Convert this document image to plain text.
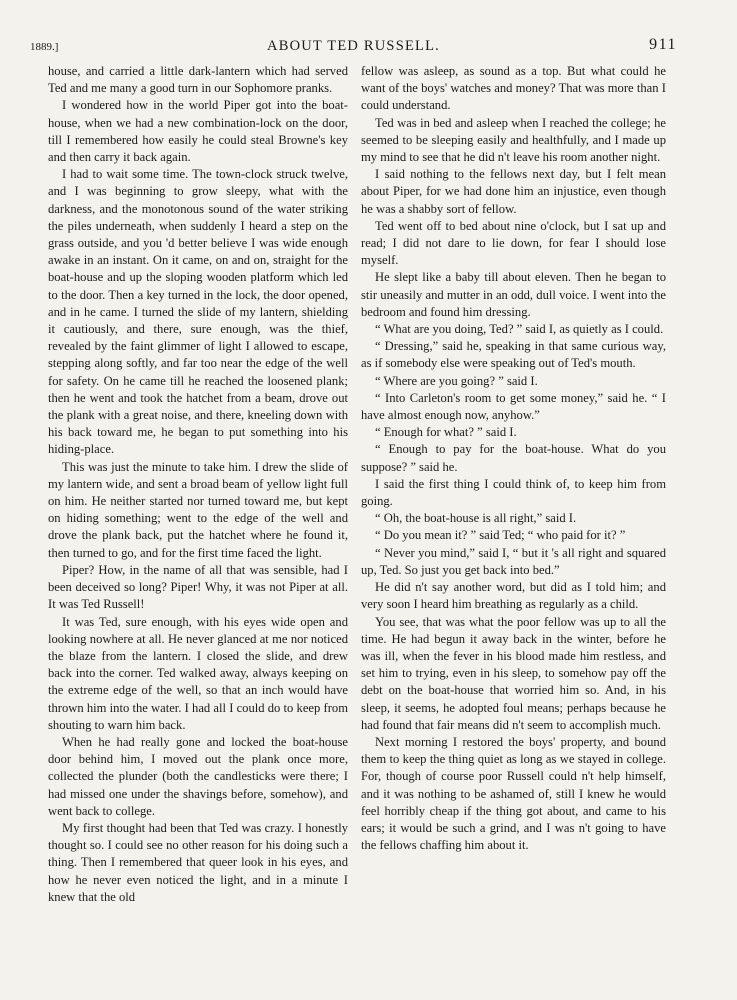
1889.]	ABOUT TED RUSSELL.	911

house, and carried a little dark-lantern which had served Ted and me many a good turn in our Sophomore pranks.

I wondered how in the world Piper got into the boat-house, when we had a new combination-lock on the door, till I remembered how easily he could steal Browne's key and then carry it back again.

I had to wait some time. The town-clock struck twelve, and I was beginning to grow sleepy, what with the darkness, and the monotonous sound of the water striking the piles underneath, when suddenly I heard a step on the grass outside, and you 'd better believe I was wide enough awake in an instant. On it came, on and on, straight for the boat-house and up the sloping wooden platform which led to the door. Then a key turned in the lock, the door opened, and in he came. I turned the slide of my lantern, shielding it cautiously, and there, sure enough, was the thief, revealed by the faint glimmer of light I allowed to escape, stepping along softly, and far too near the edge of the well for safety. On he came till he reached the loosened plank; then he went and took the hatchet from a beam, drove out the plank with a great noise, and there, kneeling down with his back toward me, he began to put something into his hiding-place.

This was just the minute to take him. I drew the slide of my lantern wide, and sent a broad beam of yellow light full on him. He neither started nor turned toward me, but kept on hiding something; went to the edge of the well and drove the plank back, put the hatchet where he found it, then turned to go, and for the first time faced the light.

Piper? How, in the name of all that was sensible, had I been deceived so long? Piper! Why, it was not Piper at all. It was Ted Russell!

It was Ted, sure enough, with his eyes wide open and looking nowhere at all. He never glanced at me nor noticed the blaze from the lantern. I closed the slide, and drew back into the corner. Ted walked away, always keeping on the extreme edge of the well, so that an inch would have thrown him into the water. I had all I could do to keep from shouting to warn him back.

When he had really gone and locked the boat-house door behind him, I moved out the plank once more, collected the plunder (both the candlesticks were there; I had missed one under the shavings before, somehow), and went back to college.

My first thought had been that Ted was crazy. I honestly thought so. I could see no other reason for his doing such a thing. Then I remembered that queer look in his eyes, and how he never even noticed the light, and in a minute I knew that the old

fellow was asleep, as sound as a top. But what could he want of the boys' watches and money? That was more than I could understand.

Ted was in bed and asleep when I reached the college; he seemed to be sleeping easily and healthfully, and I made up my mind to see that he did n't leave his room another night.

I said nothing to the fellows next day, but I felt mean about Piper, for we had done him an injustice, even though he was a shabby sort of fellow.

Ted went off to bed about nine o'clock, but I sat up and read; I did not dare to lie down, for fear I should lose myself.

He slept like a baby till about eleven. Then he began to stir uneasily and mutter in an odd, dull voice. I went into the bedroom and found him dressing.

“ What are you doing, Ted? ” said I, as quietly as I could.

“ Dressing,” said he, speaking in that same curious way, as if somebody else were speaking out of Ted's mouth.

“ Where are you going? ” said I.

“ Into Carleton's room to get some money,” said he. “ I have almost enough now, anyhow.”

“ Enough for what? ” said I.

“ Enough to pay for the boat-house. What do you suppose? ” said he.

I said the first thing I could think of, to keep him from going.

“ Oh, the boat-house is all right,” said I.

“ Do you mean it? ” said Ted; “ who paid for it? ”

“ Never you mind,” said I, “ but it 's all right and squared up, Ted. So just you get back into bed.”

He did n't say another word, but did as I told him; and very soon I heard him breathing as regularly as a child.

You see, that was what the poor fellow was up to all the time. He had begun it away back in the winter, before he was ill, when the fever in his blood made him restless, and set him to trying, even in his sleep, to somehow pay off the debt on the boat-house that worried him so. And, in his sleep, it seems, he adopted foul means; perhaps because he had found that fair means did n't seem to accomplish much.

Next morning I restored the boys' property, and bound them to keep the thing quiet as long as we stayed in college. For, though of course poor Russell could n't help himself, and it was nothing to be ashamed of, still I knew he would feel horribly cheap if the thing got about, and came to his ears; it would be such a grind, and I was n't going to have the fellows chaffing him about it.
